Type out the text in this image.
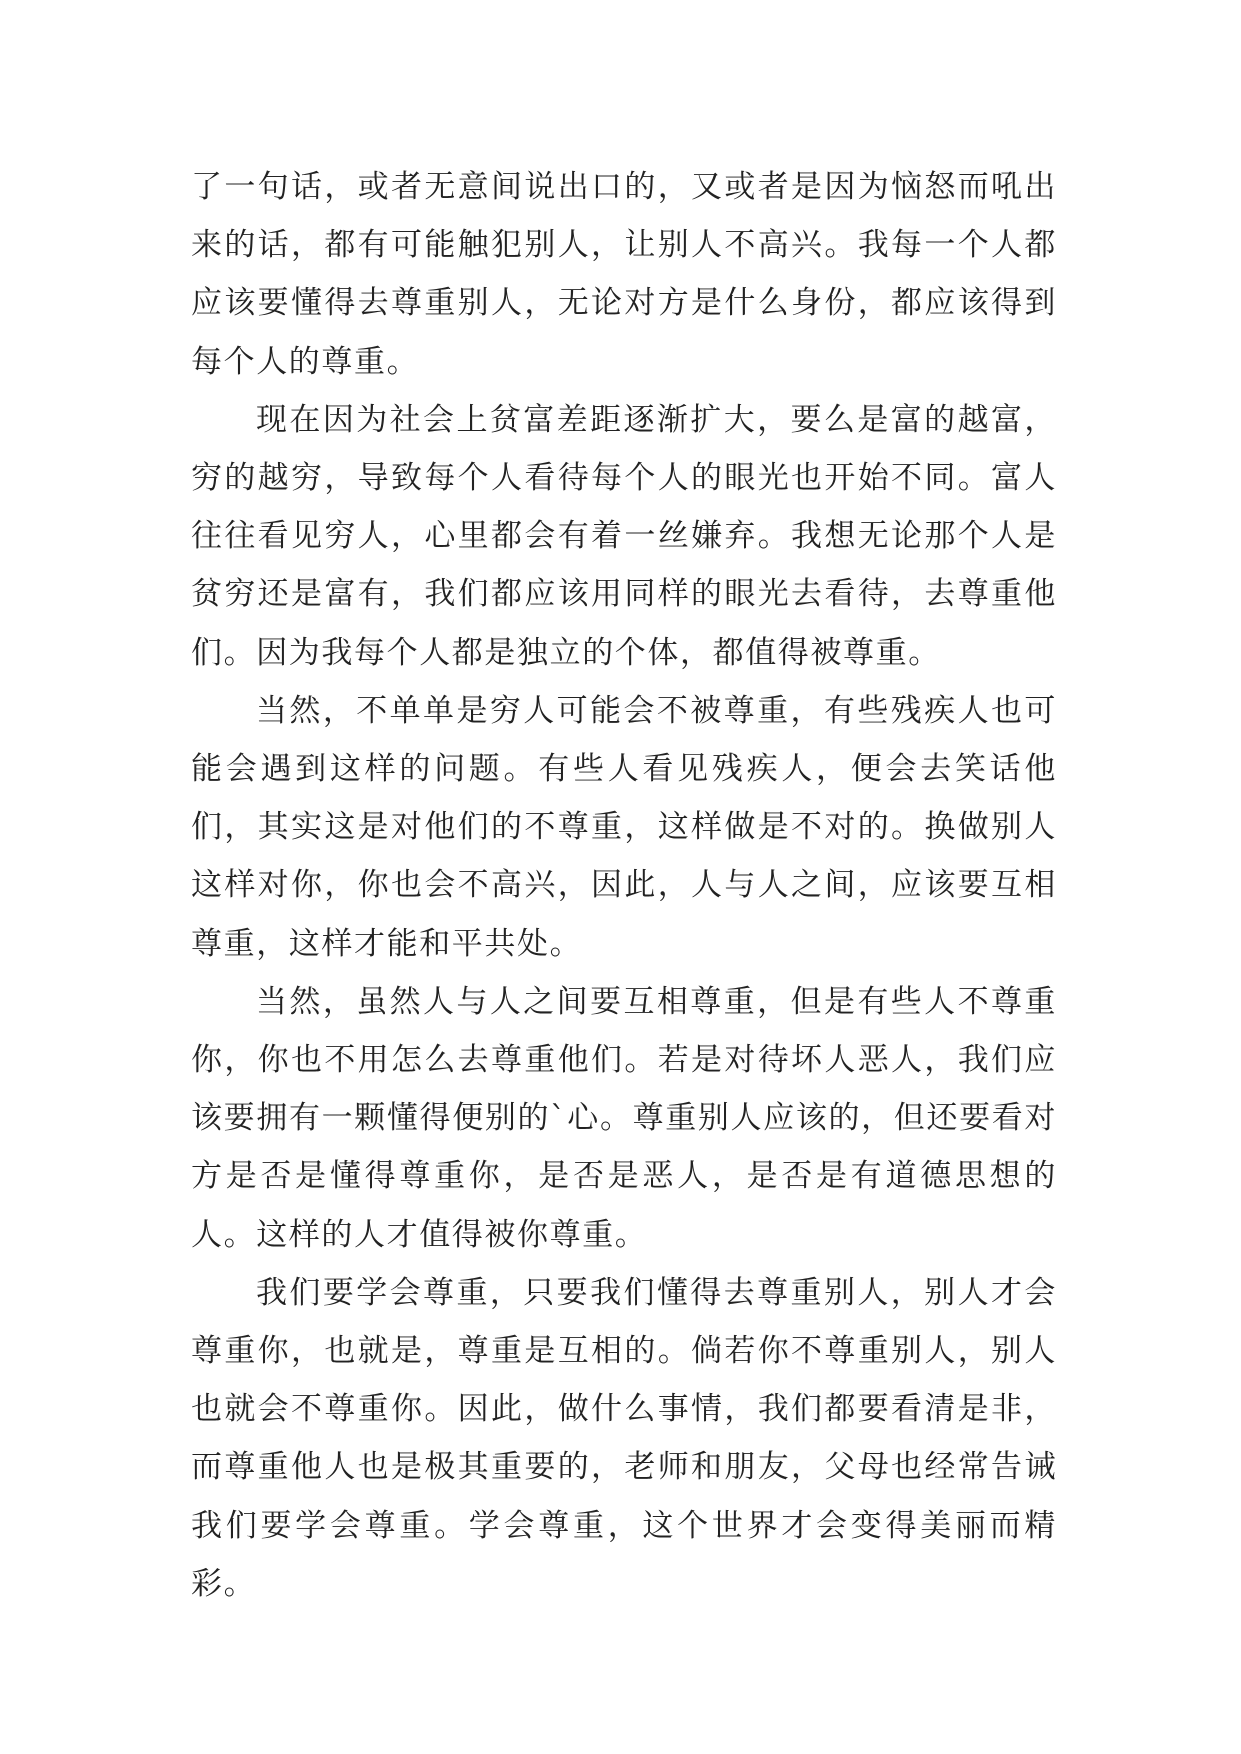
了一句话，或者无意间说出口的，又或者是因为恼怒而吼出来的话，都有可能触犯别人，让别人不高兴。我每一个人都应该要懂得去尊重别人，无论对方是什么身份，都应该得到每个人的尊重。

现在因为社会上贫富差距逐渐扩大，要么是富的越富，穷的越穷，导致每个人看待每个人的眼光也开始不同。富人往往看见穷人，心里都会有着一丝嫌弃。我想无论那个人是贫穷还是富有，我们都应该用同样的眼光去看待，去尊重他们。因为我每个人都是独立的个体，都值得被尊重。

当然，不单单是穷人可能会不被尊重，有些残疾人也可能会遇到这样的问题。有些人看见残疾人，便会去笑话他们，其实这是对他们的不尊重，这样做是不对的。换做别人这样对你，你也会不高兴，因此，人与人之间，应该要互相尊重，这样才能和平共处。

当然，虽然人与人之间要互相尊重，但是有些人不尊重你，你也不用怎么去尊重他们。若是对待坏人恶人，我们应该要拥有一颗懂得便别的`心。尊重别人应该的，但还要看对方是否是懂得尊重你，是否是恶人，是否是有道德思想的人。这样的人才值得被你尊重。

我们要学会尊重，只要我们懂得去尊重别人，别人才会尊重你，也就是，尊重是互相的。倘若你不尊重别人，别人也就会不尊重你。因此，做什么事情，我们都要看清是非，而尊重他人也是极其重要的，老师和朋友，父母也经常告诫我们要学会尊重。学会尊重，这个世界才会变得美丽而精彩。
